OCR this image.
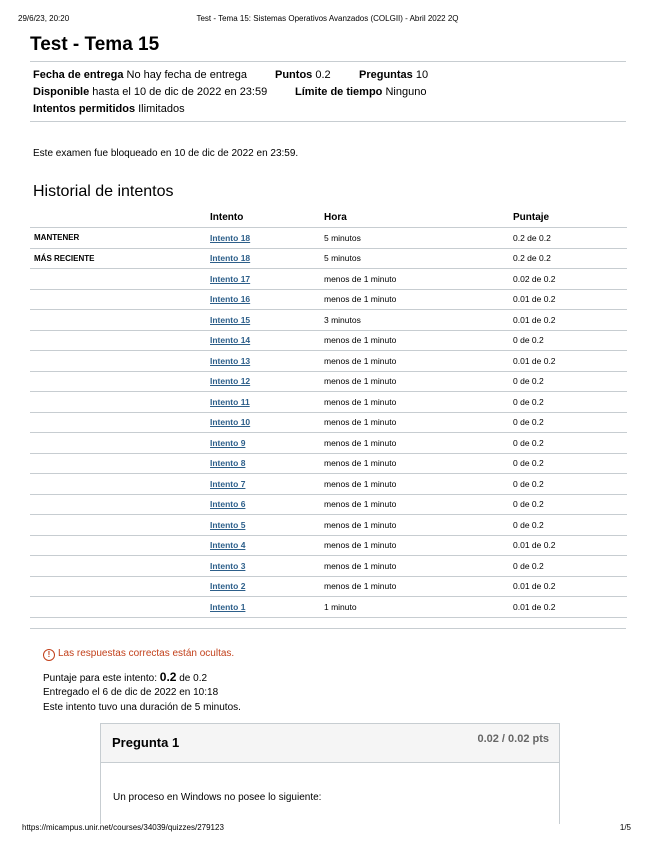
29/6/23, 20:20	Test - Tema 15: Sistemas Operativos Avanzados (COLGII) - Abril 2022 2Q
Test - Tema 15
Fecha de entrega No hay fecha de entrega	Puntos 0.2	Preguntas 10
Disponible hasta el 10 de dic de 2022 en 23:59	Límite de tiempo Ninguno
Intentos permitidos Ilimitados
Este examen fue bloqueado en 10 de dic de 2022 en 23:59.
Historial de intentos
	Intento	Hora	Puntaje
MANTENER	Intento 18	5 minutos	0.2 de 0.2
MÁS RECIENTE	Intento 18	5 minutos	0.2 de 0.2
	Intento 17	menos de 1 minuto	0.02 de 0.2
	Intento 16	menos de 1 minuto	0.01 de 0.2
	Intento 15	3 minutos	0.01 de 0.2
	Intento 14	menos de 1 minuto	0 de 0.2
	Intento 13	menos de 1 minuto	0.01 de 0.2
	Intento 12	menos de 1 minuto	0 de 0.2
	Intento 11	menos de 1 minuto	0 de 0.2
	Intento 10	menos de 1 minuto	0 de 0.2
	Intento 9	menos de 1 minuto	0 de 0.2
	Intento 8	menos de 1 minuto	0 de 0.2
	Intento 7	menos de 1 minuto	0 de 0.2
	Intento 6	menos de 1 minuto	0 de 0.2
	Intento 5	menos de 1 minuto	0 de 0.2
	Intento 4	menos de 1 minuto	0.01 de 0.2
	Intento 3	menos de 1 minuto	0 de 0.2
	Intento 2	menos de 1 minuto	0.01 de 0.2
	Intento 1	1 minuto	0.01 de 0.2
! Las respuestas correctas están ocultas.
Puntaje para este intento: 0.2 de 0.2
Entregado el 6 de dic de 2022 en 10:18
Este intento tuvo una duración de 5 minutos.
Pregunta 1	0.02 / 0.02 pts
Un proceso en Windows no posee lo siguiente:
https://micampus.unir.net/courses/34039/quizzes/279123	1/5
